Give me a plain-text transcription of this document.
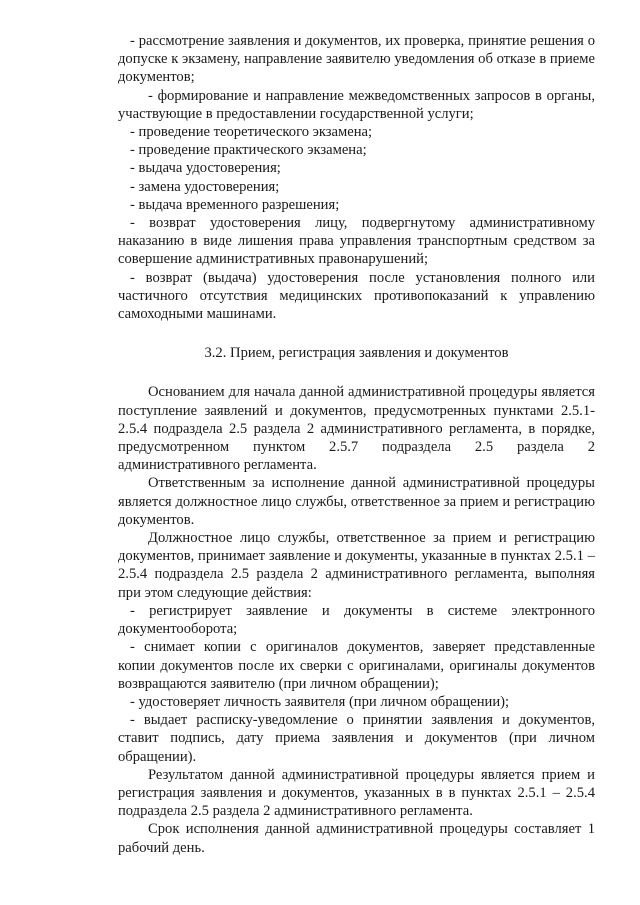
- рассмотрение заявления и документов, их проверка, принятие решения о допуске к экзамену, направление заявителю уведомления об отказе в приеме документов;

- формирование и направление межведомственных запросов в органы, участвующие в предоставлении государственной услуги;

- проведение теоретического экзамена;

- проведение практического экзамена;

- выдача удостоверения;

- замена удостоверения;

- выдача временного разрешения;

- возврат удостоверения лицу, подвергнутому административному наказанию в виде лишения права управления транспортным средством за совершение административных правонарушений;

- возврат (выдача) удостоверения после установления полного или частичного отсутствия медицинских противопоказаний к управлению самоходными машинами.

3.2. Прием, регистрация заявления и документов

Основанием для начала данной административной процедуры является поступление заявлений и документов, предусмотренных пунктами 2.5.1-2.5.4 подраздела 2.5 раздела 2 административного регламента, в порядке, предусмотренном пунктом 2.5.7 подраздела 2.5 раздела 2 административного регламента.

Ответственным за исполнение данной административной процедуры является должностное лицо службы, ответственное за прием и регистрацию документов.

Должностное лицо службы, ответственное за прием и регистрацию документов, принимает заявление и документы, указанные в пунктах 2.5.1 – 2.5.4 подраздела 2.5 раздела 2 административного регламента, выполняя при этом следующие действия:

- регистрирует заявление и документы в системе электронного документооборота;

- снимает копии с оригиналов документов, заверяет представленные копии документов после их сверки с оригиналами, оригиналы документов возвращаются заявителю (при личном обращении);

- удостоверяет личность заявителя (при личном обращении);

- выдает расписку-уведомление о принятии заявления и документов, ставит подпись, дату приема заявления и документов (при личном обращении).

Результатом данной административной процедуры является прием и регистрация заявления и документов, указанных в в пунктах 2.5.1 – 2.5.4 подраздела 2.5 раздела 2 административного регламента.

Срок исполнения данной административной процедуры составляет 1 рабочий день.
